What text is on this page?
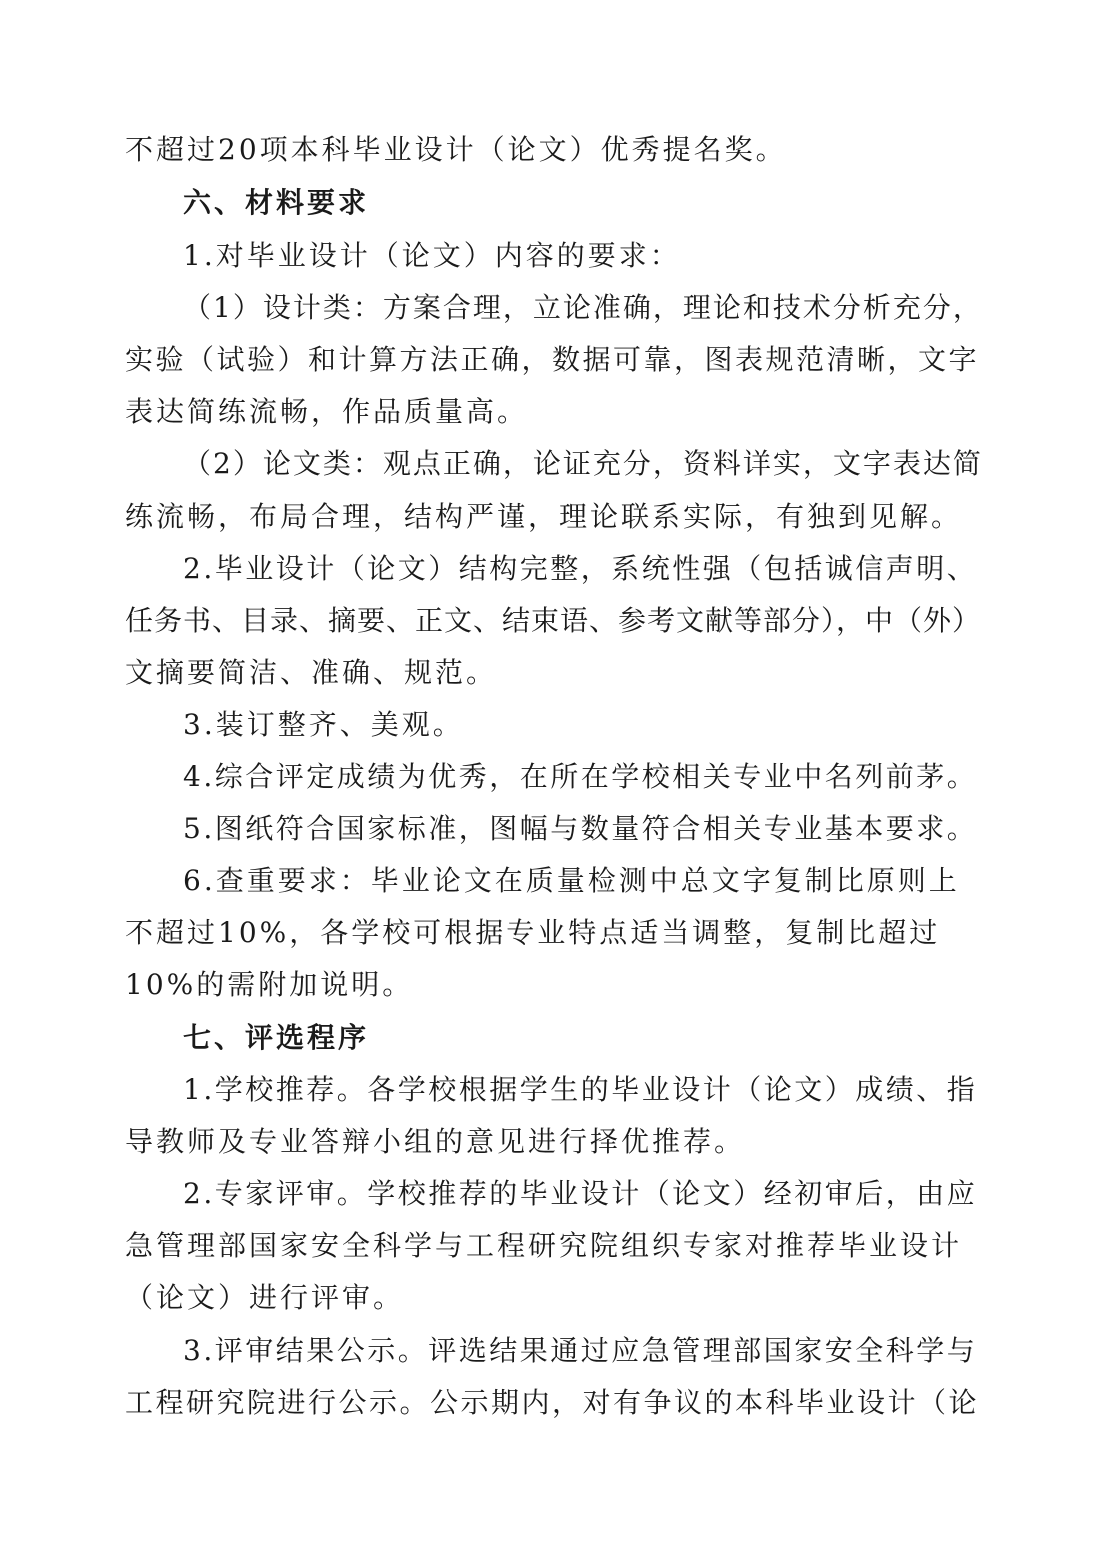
不超过20项本科毕业设计（论文）优秀提名奖。
六、材料要求
1.对毕业设计（论文）内容的要求：
（1）设计类：方案合理，立论准确，理论和技术分析充分，
实验（试验）和计算方法正确，数据可靠，图表规范清晰，文字
表达简练流畅，作品质量高。
（2）论文类：观点正确，论证充分，资料详实，文字表达简
练流畅，布局合理，结构严谨，理论联系实际，有独到见解。
2.毕业设计（论文）结构完整，系统性强（包括诚信声明、
任务书、目录、摘要、正文、结束语、参考文献等部分），中（外）
文摘要简洁、准确、规范。
3.装订整齐、美观。
4.综合评定成绩为优秀，在所在学校相关专业中名列前茅。
5.图纸符合国家标准，图幅与数量符合相关专业基本要求。
6.查重要求：毕业论文在质量检测中总文字复制比原则上
不超过10%，各学校可根据专业特点适当调整，复制比超过
10%的需附加说明。
七、评选程序
1.学校推荐。各学校根据学生的毕业设计（论文）成绩、指
导教师及专业答辩小组的意见进行择优推荐。
2.专家评审。学校推荐的毕业设计（论文）经初审后，由应
急管理部国家安全科学与工程研究院组织专家对推荐毕业设计
（论文）进行评审。
3.评审结果公示。评选结果通过应急管理部国家安全科学与
工程研究院进行公示。公示期内，对有争议的本科毕业设计（论
